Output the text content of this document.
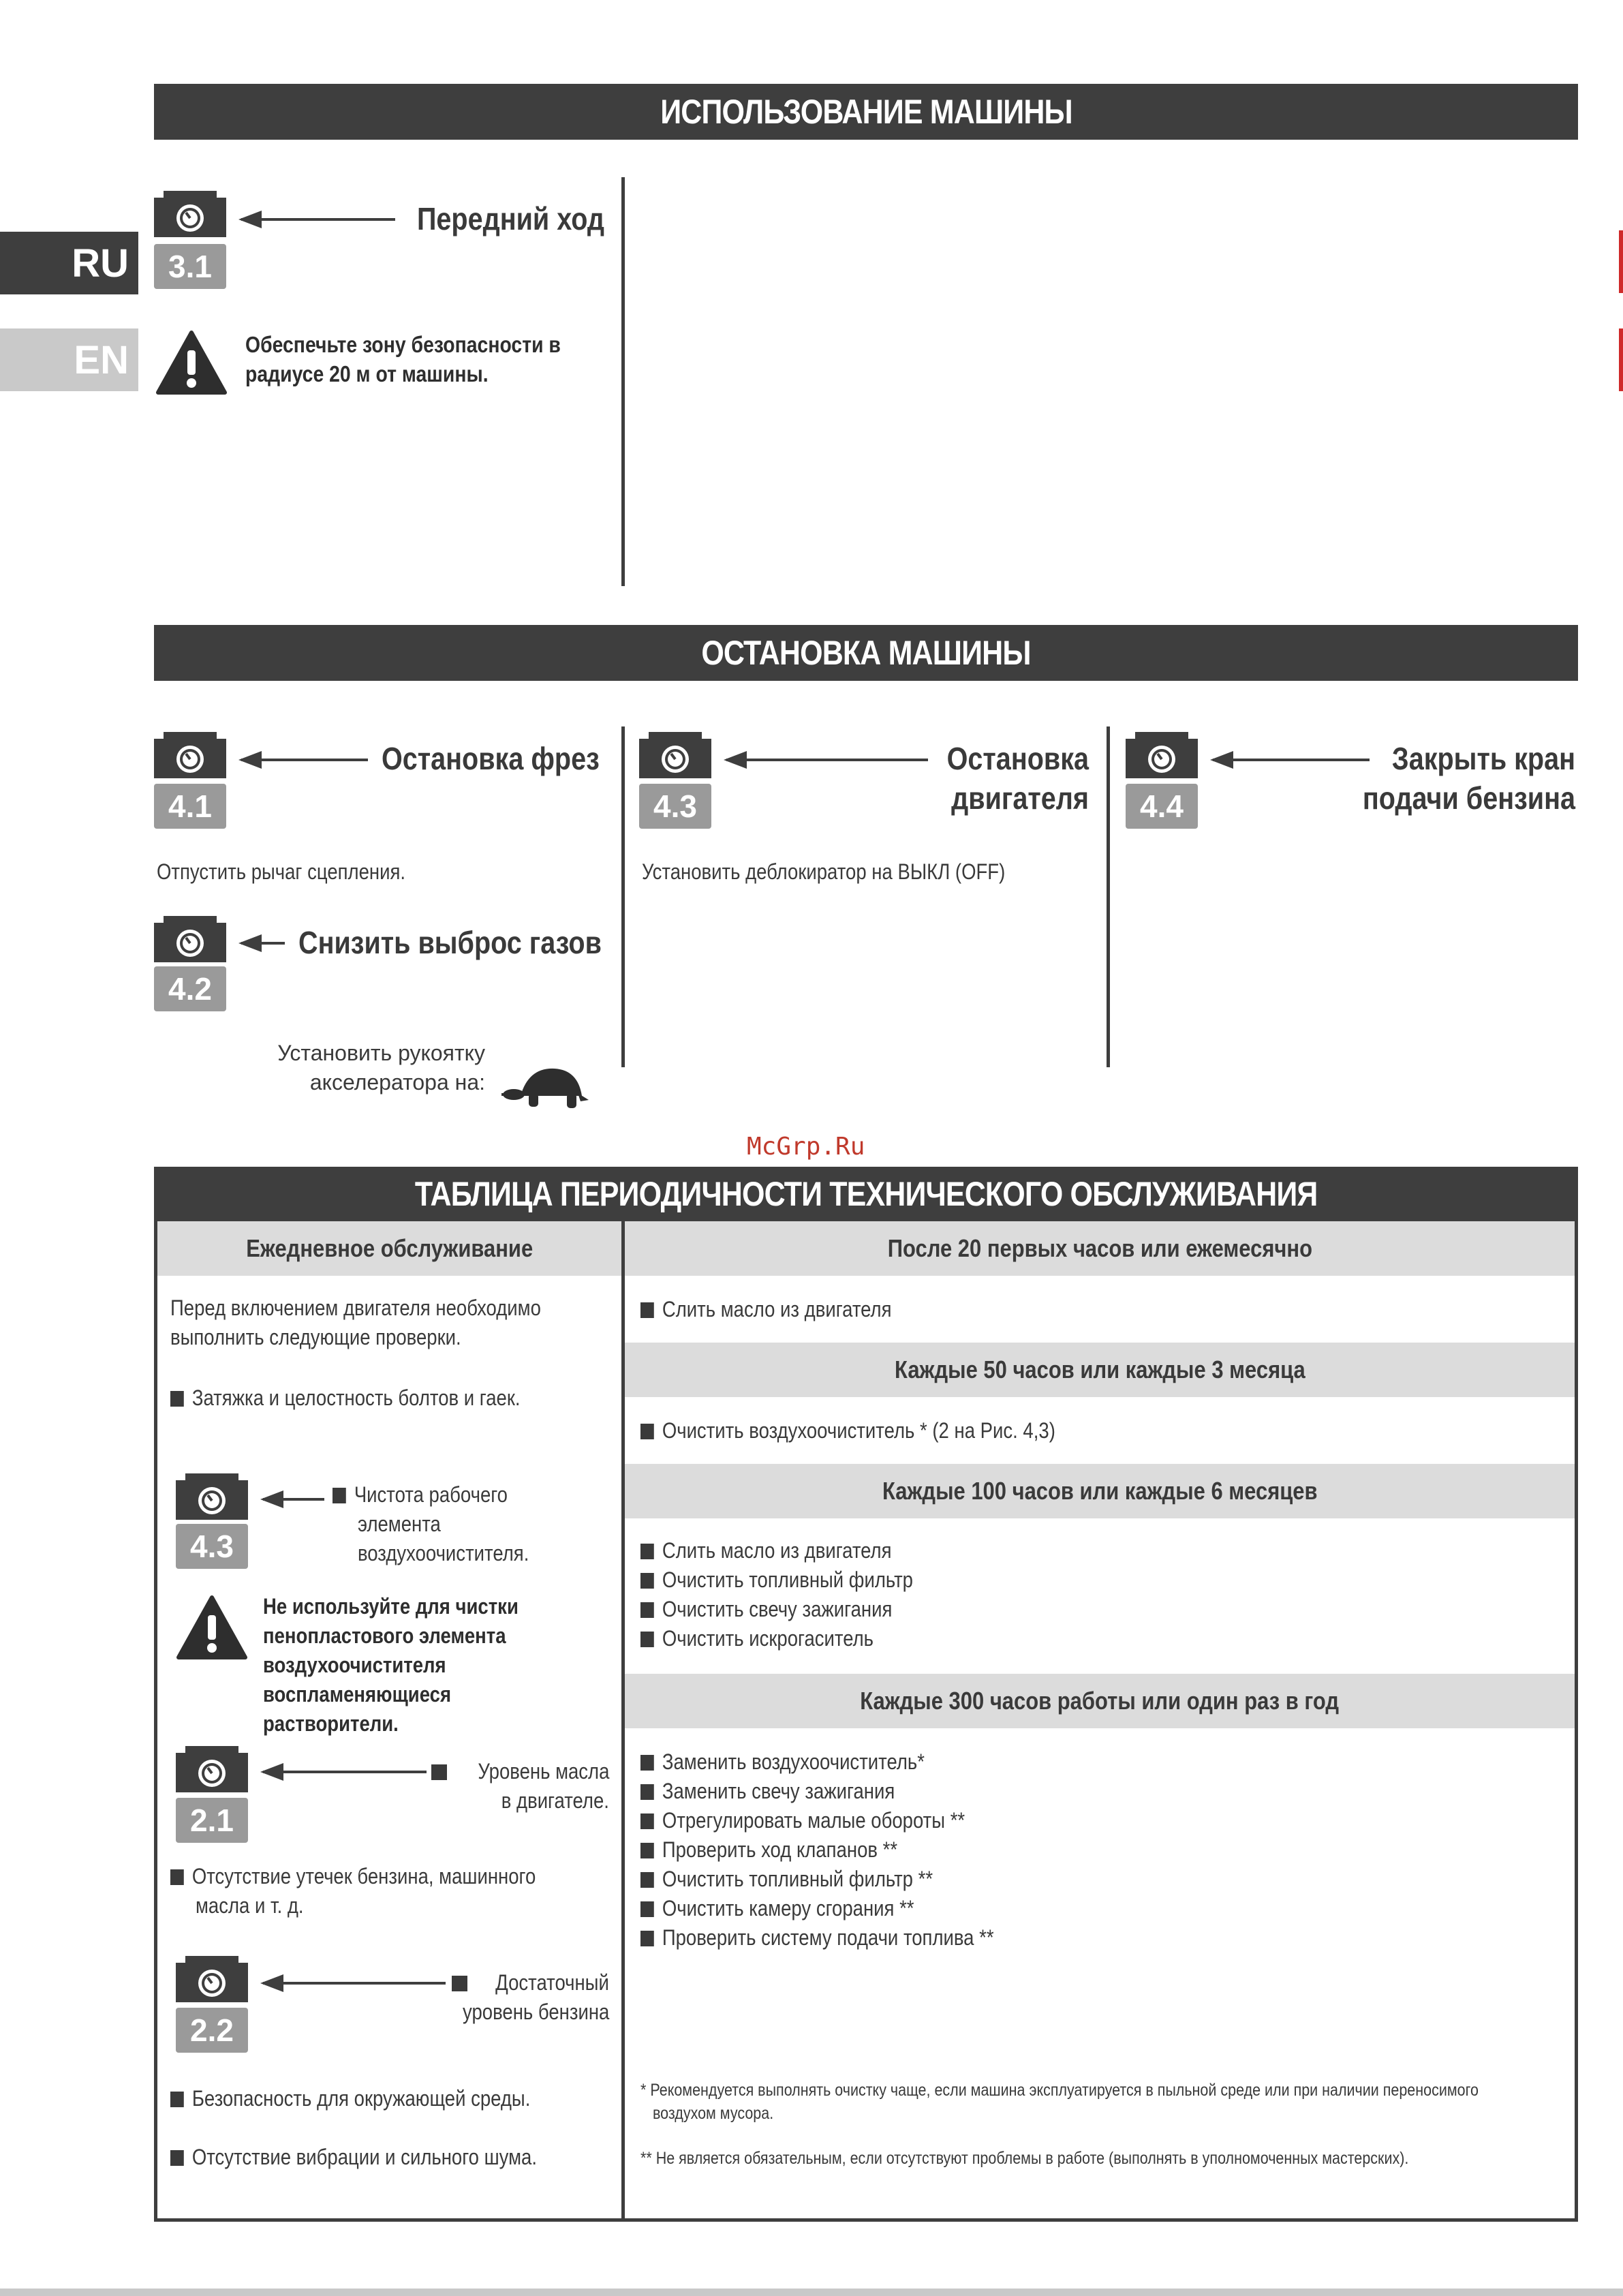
RU
EN
ИСПОЛЬЗОВАНИЕ МАШИНЫ
3.1
Передний ход
Обеспечьте зону безопасности в
радиусе 20 м от машины.
ОСТАНОВКА МАШИНЫ
4.1
Остановка фрез
Отпустить рычаг сцепления.
4.2
Снизить выброс газов
Установить рукоятку
акселератора на:
4.3
Остановка
двигателя
Установить деблокиратор на ВЫКЛ (OFF)
4.4
Закрыть кран
подачи бензина
McGrp.Ru
ТАБЛИЦА ПЕРИОДИЧНОСТИ ТЕХНИЧЕСКОГО ОБСЛУЖИВАНИЯ
Ежедневное обслуживание
Перед включением двигателя необходимо
выполнить следующие проверки.
Затяжка и целостность болтов и гаек.
4.3
Чистота рабочего
элемента
воздухоочистителя.
Не используйте для чистки
пенопластового элемента
воздухоочистителя
воспламеняющиеся
растворители.
2.1
Уровень масла
в двигателе.
Отсутствие утечек бензина, машинного
масла и т. д.
2.2
Достаточный
уровень бензина
Безопасность для окружающей среды.
Отсутствие вибрации и сильного шума.
После 20 первых часов или ежемесячно
Слить масло из двигателя
Каждые 50 часов или каждые 3 месяца
Очистить воздухоочиститель * (2 на Рис. 4,3)
Каждые 100 часов или каждые 6 месяцев
Слить масло из двигателя
Очистить топливный фильтр
Очистить свечу зажигания
Очистить искрогаситель
Каждые 300 часов работы или один раз в год
Заменить воздухоочиститель*
Заменить свечу зажигания
Отрегулировать малые обороты **
Проверить ход клапанов **
Очистить топливный фильтр **
Очистить камеру сгорания **
Проверить систему подачи топлива **
* Рекомендуется выполнять очистку чаще, если машина эксплуатируется в пыльной среде или при наличии переносимого
воздухом мусора.
** Не является обязательным, если отсутствуют проблемы в работе (выполнять в уполномоченных мастерских).
